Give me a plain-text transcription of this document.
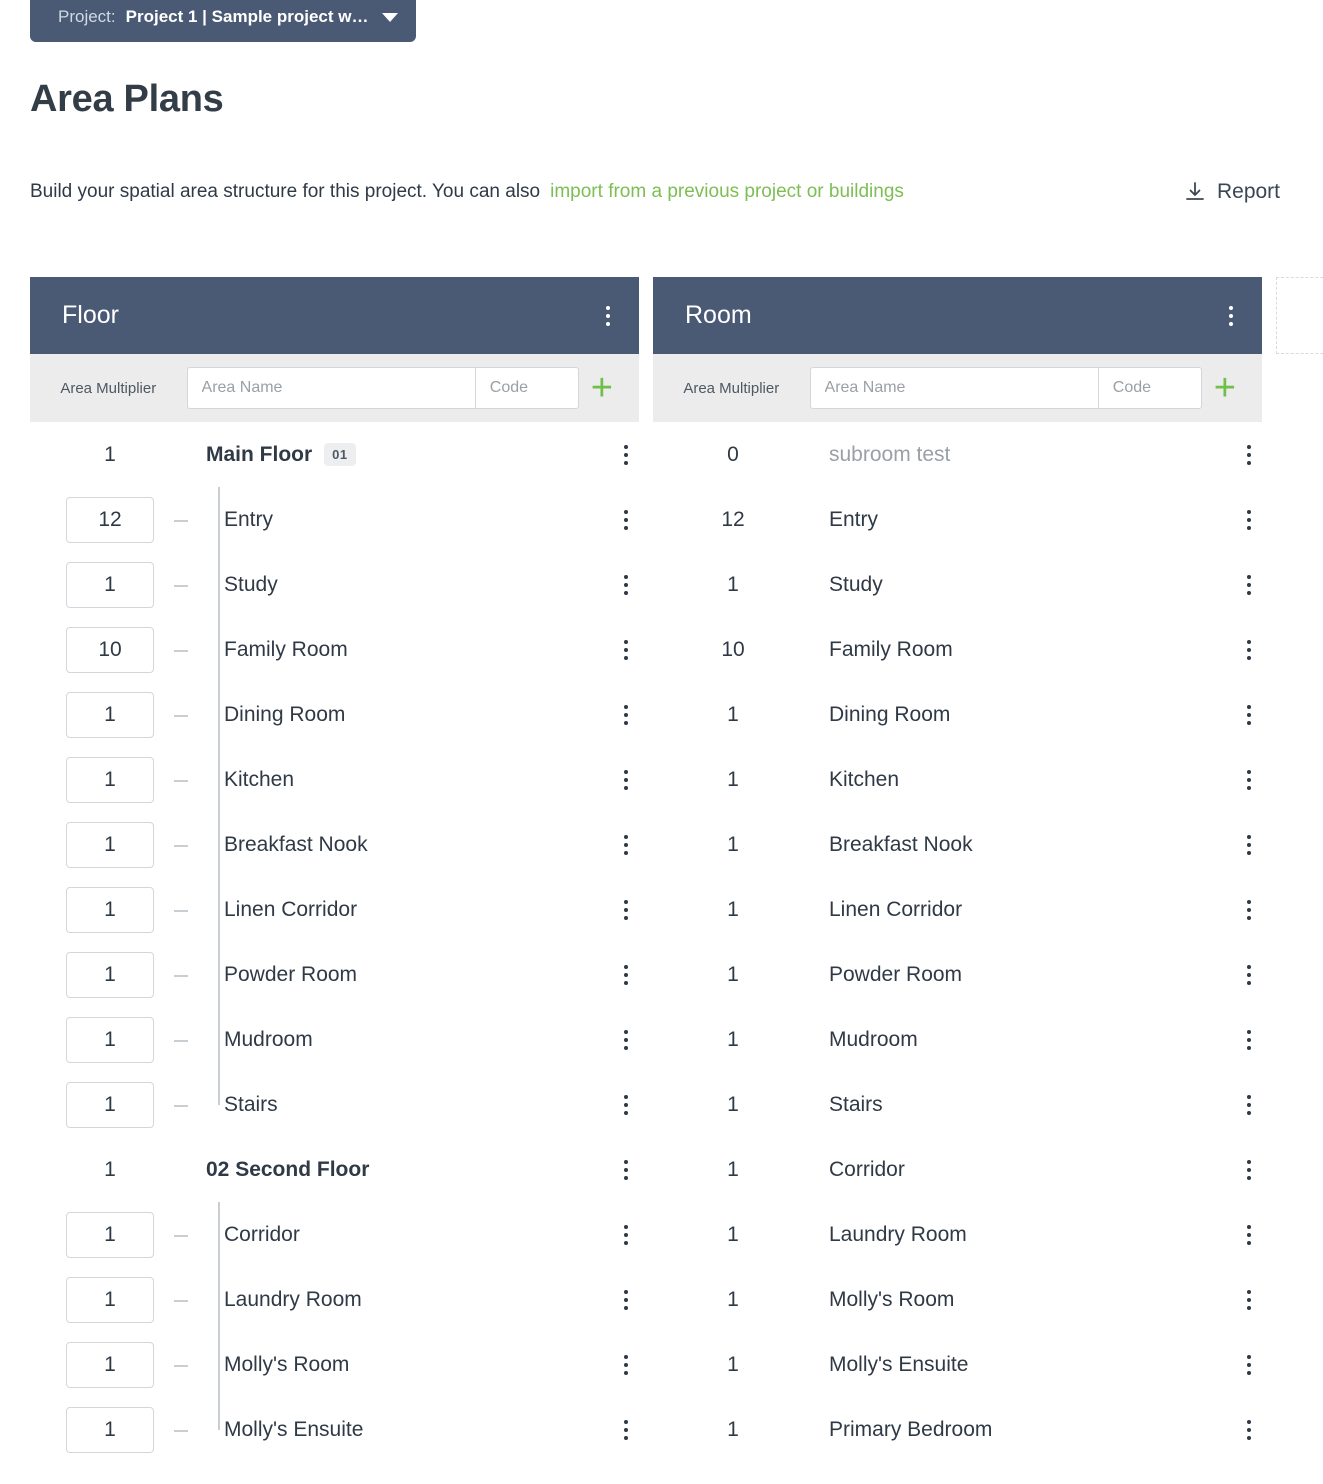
Project: Project 1 | Sample project w…
Area Plans
Build your spatial area structure for this project. You can also import from a previous project or buildings	Report
Floor
Area Multiplier
Area Name
Code	+
1	Main Floor	01
12	Entry
1	Study
10	Family Room
1	Dining Room
1	Kitchen
1	Breakfast Nook
1	Linen Corridor
1	Powder Room
1	Mudroom
1	Stairs
1	02 Second Floor
1	Corridor
1	Laundry Room
1	Molly's Room
1	Molly's Ensuite
Room
Area Multiplier
Area Name
Code	+
0	subroom test
12	Entry
1	Study
10	Family Room
1	Dining Room
1	Kitchen
1	Breakfast Nook
1	Linen Corridor
1	Powder Room
1	Mudroom
1	Stairs
1	Corridor
1	Laundry Room
1	Molly's Room
1	Molly's Ensuite
1	Primary Bedroom
